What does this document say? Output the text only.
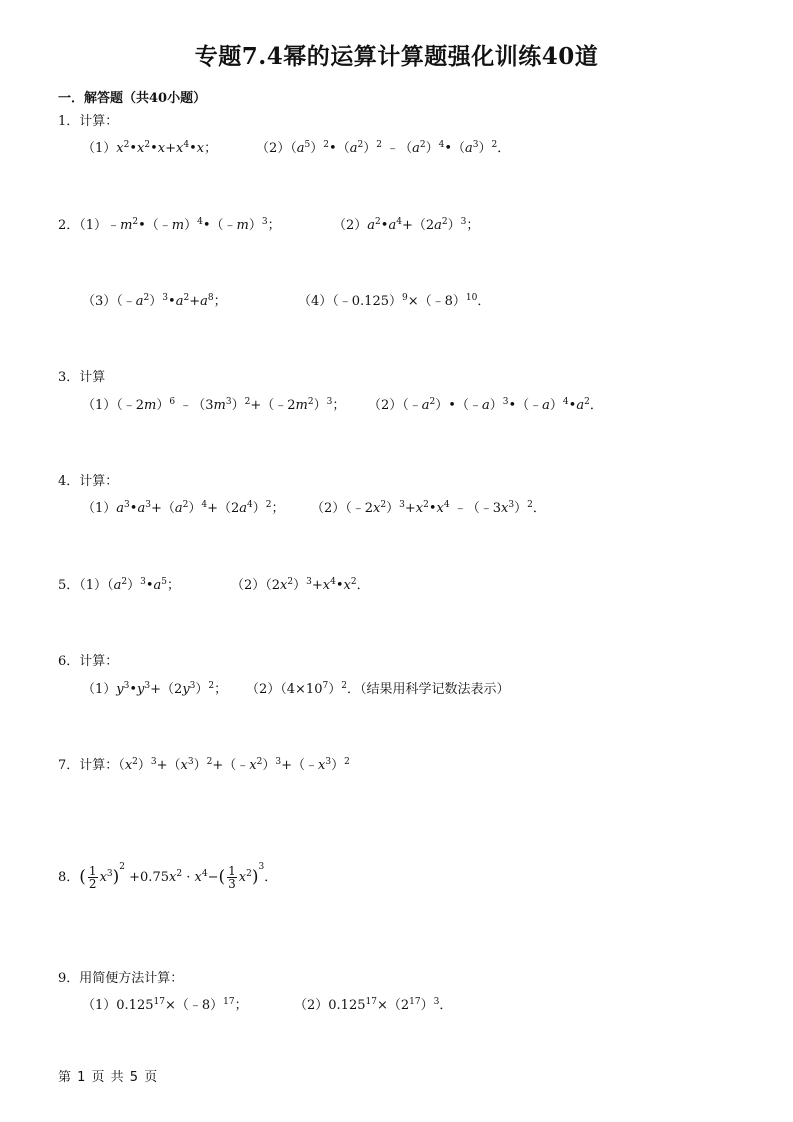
专题7.4幂的运算计算题强化训练40道
一．解答题（共40小题）
1．计算：
$(1)x^2•x^2•x+x^4•x$；	$(2)(a^5)^2•(a^2)^2$ $﹣(a^2)^4•(a^3)^2$．
2．$(1)﹣m^2•(﹣m)^4•(﹣m)^3$；	$(2)a^2•a^4+(2a^2)^3$；
$(3)(﹣a^2)^3•a^2+a^8$；	（4）（﹣0.125）$^9$×（﹣8）$^{10}$．
3．计算
（1）（﹣2m）$^6$ $﹣(3m^3)^2+(﹣2m^2)^3$； $(2)(﹣a^2)•(﹣a)^3•(﹣a)^4•a^2$．
4．计算：
$(1)a^3•a^3+(a^2)^4+(2a^4)^2$； $(2)(﹣2x^2)^3+x^2•x^4$ $﹣(﹣3x^3)^2$．
5．$(1)(a^2)^3•a^5$；	$(2)(2x^2)^3+x^4•x^2$．
6．计算：
$(1)y^3•y^3+(2y^3)^2$； $(2)(4\times 10^7)^2$．（结果用科学记数法表示）
7．计算：$(x^2)^3+(x^3)^2+(﹣x^2)^3+(﹣x^3)^2$
8．( $\frac{1}{2} x^3)^2 +0.75x^2 \cdot x^4-( \frac{1}{3} x^2)^3$．
9．用简便方法计算：
$(1)0.125^{17}\times(﹣8)^{17}$；	$(2)0.125^{17}\times(2^{17})^3$．
第 1 页 共 5 页
